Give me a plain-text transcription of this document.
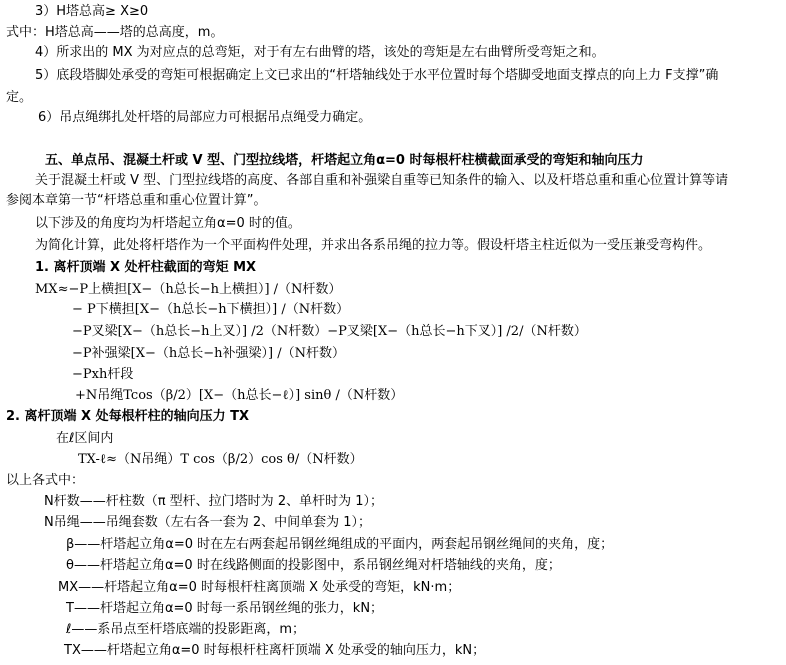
3）H塔总高≥ X≥0
式中：H塔总高——塔的总高度，m。
4）所求出的 MX 为对应点的总弯矩，对于有左右曲臂的塔，该处的弯矩是左右曲臂所受弯矩之和。
5）底段塔脚处承受的弯矩可根据确定上文已求出的“杆塔轴线处于水平位置时每个塔脚受地面支撑点的向上力 F支撑”确
定。
6）吊点绳绑扎处杆塔的局部应力可根据吊点绳受力确定。
五、单点吊、混凝土杆或 V 型、门型拉线塔，杆塔起立角α=0 时每根杆柱横截面承受的弯矩和轴向压力
关于混凝土杆或 V 型、门型拉线塔的高度、各部自重和补强梁自重等已知条件的输入、以及杆塔总重和重心位置计算等请
参阅本章第一节“杆塔总重和重心位置计算”。
以下涉及的角度均为杆塔起立角α=0 时的值。
为简化计算，此处将杆塔作为一个平面构件处理，并求出各系吊绳的拉力等。假设杆塔主柱近似为一受压兼受弯构件。
1. 离杆顶端 X 处杆柱截面的弯矩 MX
MX≈−P上横担[X−（h总长−h上横担）] /（N杆数）
− P下横担[X−（h总长−h下横担）] /（N杆数）
−P叉梁[X−（h总长−h上叉）] /2（N杆数）−P叉梁[X−（h总长−h下叉）] /2/（N杆数）
−P补强梁[X−（h总长−h补强梁）] /（N杆数）
−Pxh杆段
+N吊绳Tcos（β/2）[X−（h总长−ℓ）] sinθ /（N杆数）
2. 离杆顶端 X 处每根杆柱的轴向压力 TX
在ℓ区间内
TX-ℓ≈（N吊绳）T cos（β/2）cos θ/（N杆数）
以上各式中：
N杆数——杆柱数（π 型杆、拉门塔时为 2、单杆时为 1）；
N吊绳——吊绳套数（左右各一套为 2、中间单套为 1）；
β——杆塔起立角α=0 时在左右两套起吊钢丝绳组成的平面内，两套起吊钢丝绳间的夹角，度；
θ——杆塔起立角α=0 时在线路侧面的投影图中，系吊钢丝绳对杆塔轴线的夹角，度；
MX——杆塔起立角α=0 时每根杆柱离顶端 X 处承受的弯矩，kN·m；
T——杆塔起立角α=0 时每一系吊钢丝绳的张力，kN；
ℓ——系吊点至杆塔底端的投影距离，m；
TX——杆塔起立角α=0 时每根杆柱离杆顶端 X 处承受的轴向压力，kN；
